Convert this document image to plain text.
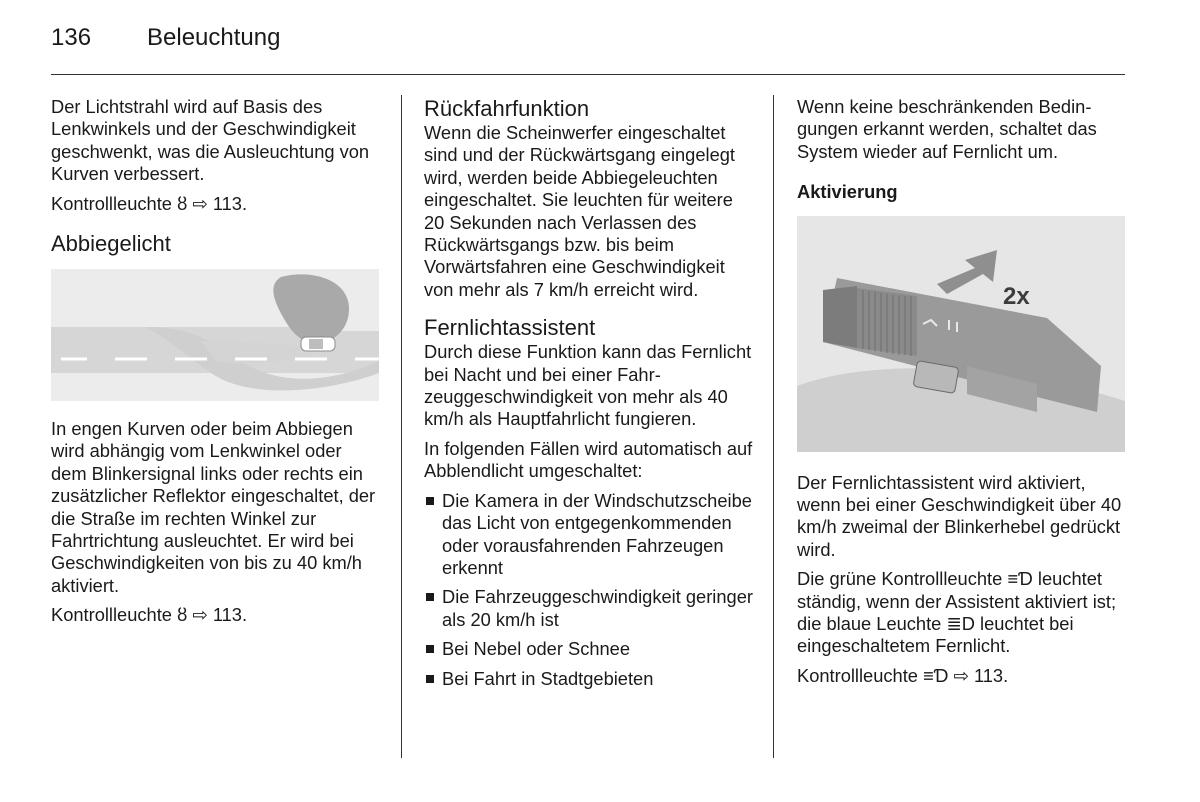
136	Beleuchtung

Der Lichtstrahl wird auf Basis des Lenkwinkels und der Geschwindigkeit geschwenkt, was die Ausleuchtung von Kurven verbessert.

Kontrollleuchte ȣ ⇨ 113.

Abbiegelicht

In engen Kurven oder beim Abbiegen wird abhängig vom Lenkwinkel oder dem Blinkersignal links oder rechts ein zusätzlicher Reflektor eingeschaltet, der die Straße im rechten Winkel zur Fahrtrichtung ausleuchtet. Er wird bei Geschwindigkeiten von bis zu 40 km/h aktiviert.

Kontrollleuchte ȣ ⇨ 113.

Rückfahrfunktion

Wenn die Scheinwerfer eingeschaltet sind und der Rückwärtsgang eingelegt wird, werden beide Abbiegeleuchten eingeschaltet. Sie leuchten für weitere 20 Sekunden nach Verlassen des Rückwärtsgangs bzw. bis beim Vorwärtsfahren eine Geschwindigkeit von mehr als 7 km/h erreicht wird.

Fernlichtassistent

Durch diese Funktion kann das Fernlicht bei Nacht und bei einer Fahrzeuggeschwindigkeit von mehr als 40 km/h als Hauptfahrlicht fungieren.

In folgenden Fällen wird automatisch auf Abblendlicht umgeschaltet:

Die Kamera in der Windschutzscheibe das Licht von entgegenkommenden oder vorausfahrenden Fahrzeugen erkennt
Die Fahrzeuggeschwindigkeit geringer als 20 km/h ist
Bei Nebel oder Schnee
Bei Fahrt in Stadtgebieten

Wenn keine beschränkenden Bedingungen erkannt werden, schaltet das System wieder auf Fernlicht um.

Aktivierung
2x

Der Fernlichtassistent wird aktiviert, wenn bei einer Geschwindigkeit über 40 km/h zweimal der Blinkerhebel gedrückt wird.

Die grüne Kontrollleuchte ≡Ɗ leuchtet ständig, wenn der Assistent aktiviert ist; die blaue Leuchte ≣D leuchtet bei eingeschaltetem Fernlicht.

Kontrollleuchte ≡Ɗ ⇨ 113.
